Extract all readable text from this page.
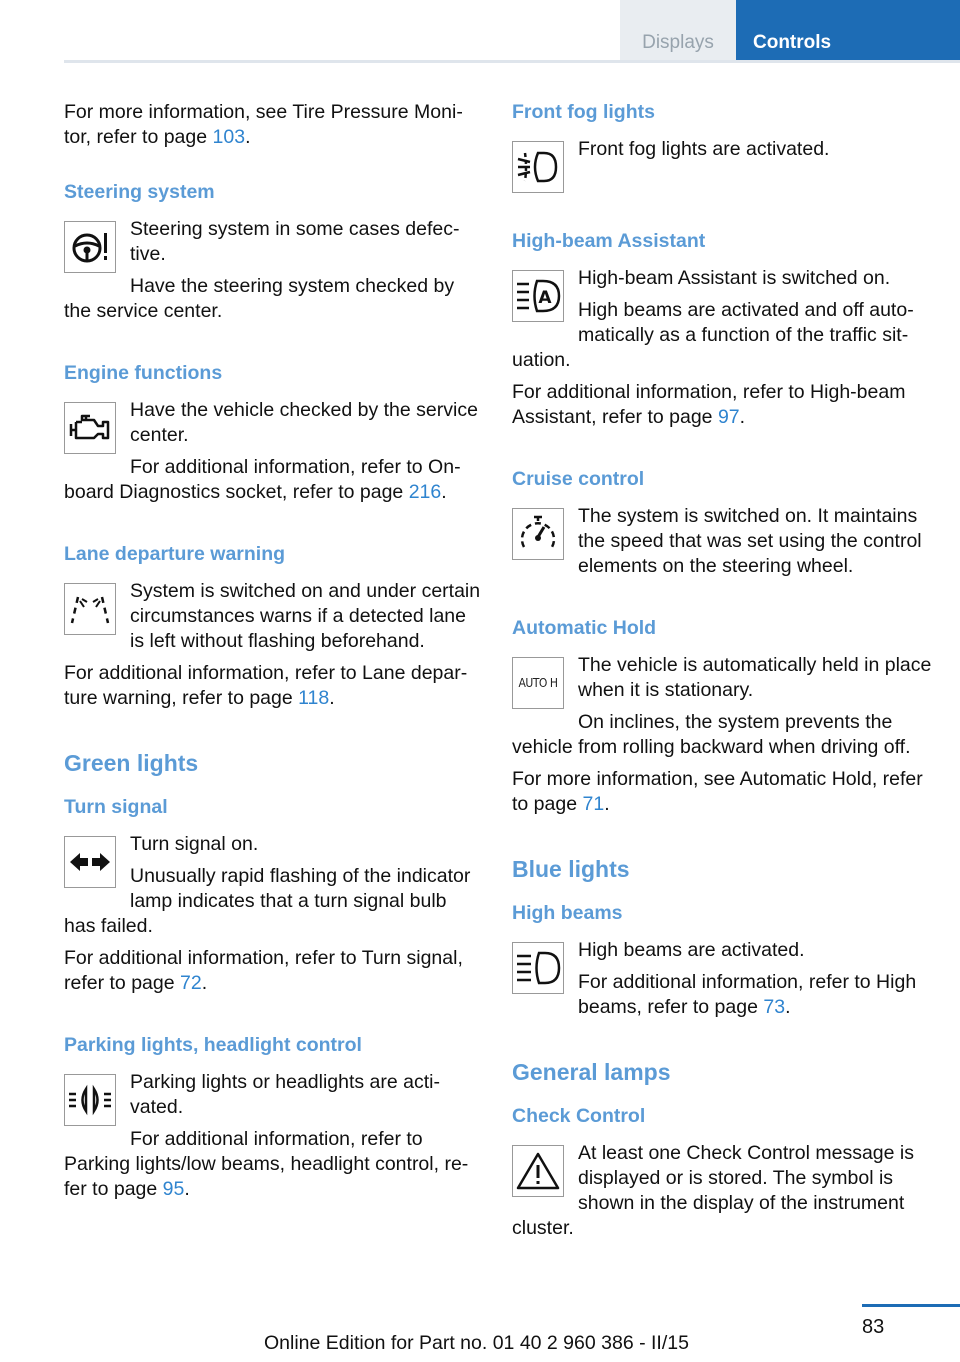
Displays	Controls

For more information, see Tire Pressure Monitor, refer to page 103.

Steering system

Steering system in some cases defective.

Have the steering system checked by the service center.

Engine functions

Have the vehicle checked by the service center.

For additional information, refer to On-board Diagnostics socket, refer to page 216.

Lane departure warning

System is switched on and under certain circumstances warns if a detected lane is left without flashing beforehand.

For additional information, refer to Lane departure warning, refer to page 118.

Green lights
Turn signal

Turn signal on.

Unusually rapid flashing of the indicator lamp indicates that a turn signal bulb has failed.

For additional information, refer to Turn signal, refer to page 72.

Parking lights, headlight control

Parking lights or headlights are activated.

For additional information, refer to Parking lights/low beams, headlight control, refer to page 95.

Front fog lights

Front fog lights are activated.

High-beam Assistant
A

High-beam Assistant is switched on.

High beams are activated and off automatically as a function of the traffic situation.

For additional information, refer to High-beam Assistant, refer to page 97.

Cruise control

The system is switched on. It maintains the speed that was set using the control elements on the steering wheel.

Automatic Hold
AUTO H

The vehicle is automatically held in place when it is stationary.

On inclines, the system prevents the vehicle from rolling backward when driving off.

For more information, see Automatic Hold, refer to page 71.

Blue lights
High beams

High beams are activated.

For additional information, refer to High beams, refer to page 73.

General lamps
Check Control

At least one Check Control message is displayed or is stored. The symbol is shown in the display of the instrument cluster.

83
Online Edition for Part no. 01 40 2 960 386 - II/15
